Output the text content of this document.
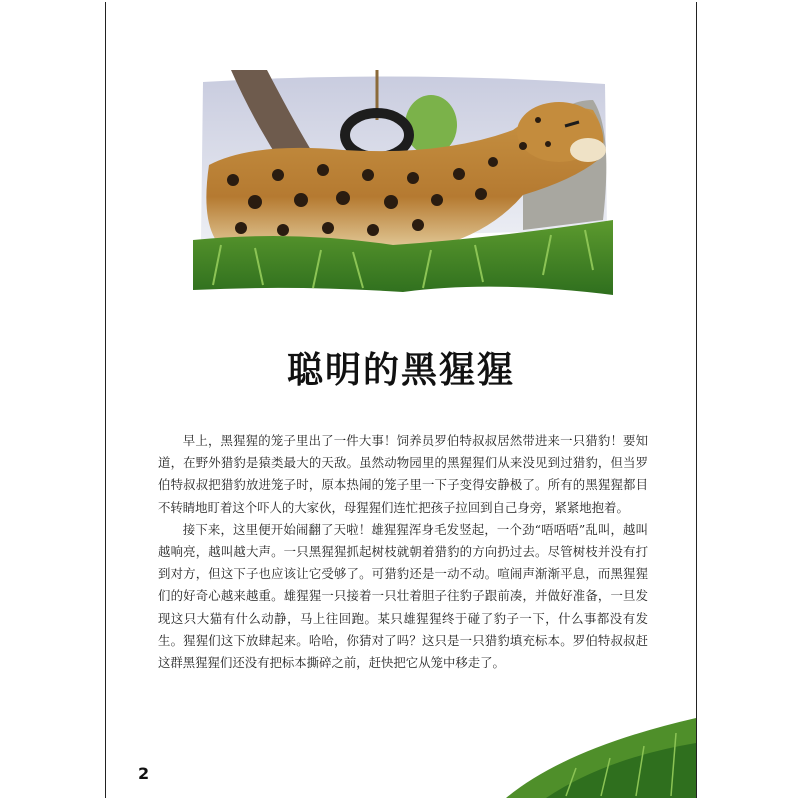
聪明的黑猩猩

早上，黑猩猩的笼子里出了一件大事！饲养员罗伯特叔叔居然带进来一只猎豹！要知道，在野外猎豹是猿类最大的天敌。虽然动物园里的黑猩猩们从来没见到过猎豹，但当罗伯特叔叔把猎豹放进笼子时，原本热闹的笼子里一下子变得安静极了。所有的黑猩猩都目不转睛地盯着这个吓人的大家伙，母猩猩们连忙把孩子拉回到自己身旁，紧紧地抱着。

接下来，这里便开始闹翻了天啦！雄猩猩浑身毛发竖起，一个劲“唔唔唔”乱叫，越叫越响亮，越叫越大声。一只黑猩猩抓起树枝就朝着猎豹的方向扔过去。尽管树枝并没有打到对方，但这下子也应该让它受够了。可猎豹还是一动不动。喧闹声渐渐平息，而黑猩猩们的好奇心越来越重。雄猩猩一只接着一只壮着胆子往豹子跟前凑，并做好准备，一旦发现这只大猫有什么动静，马上往回跑。某只雄猩猩终于碰了豹子一下，什么事都没有发生。猩猩们这下放肆起来。哈哈，你猜对了吗？这只是一只猎豹填充标本。罗伯特叔叔赶这群黑猩猩们还没有把标本撕碎之前，赶快把它从笼中移走了。

2
